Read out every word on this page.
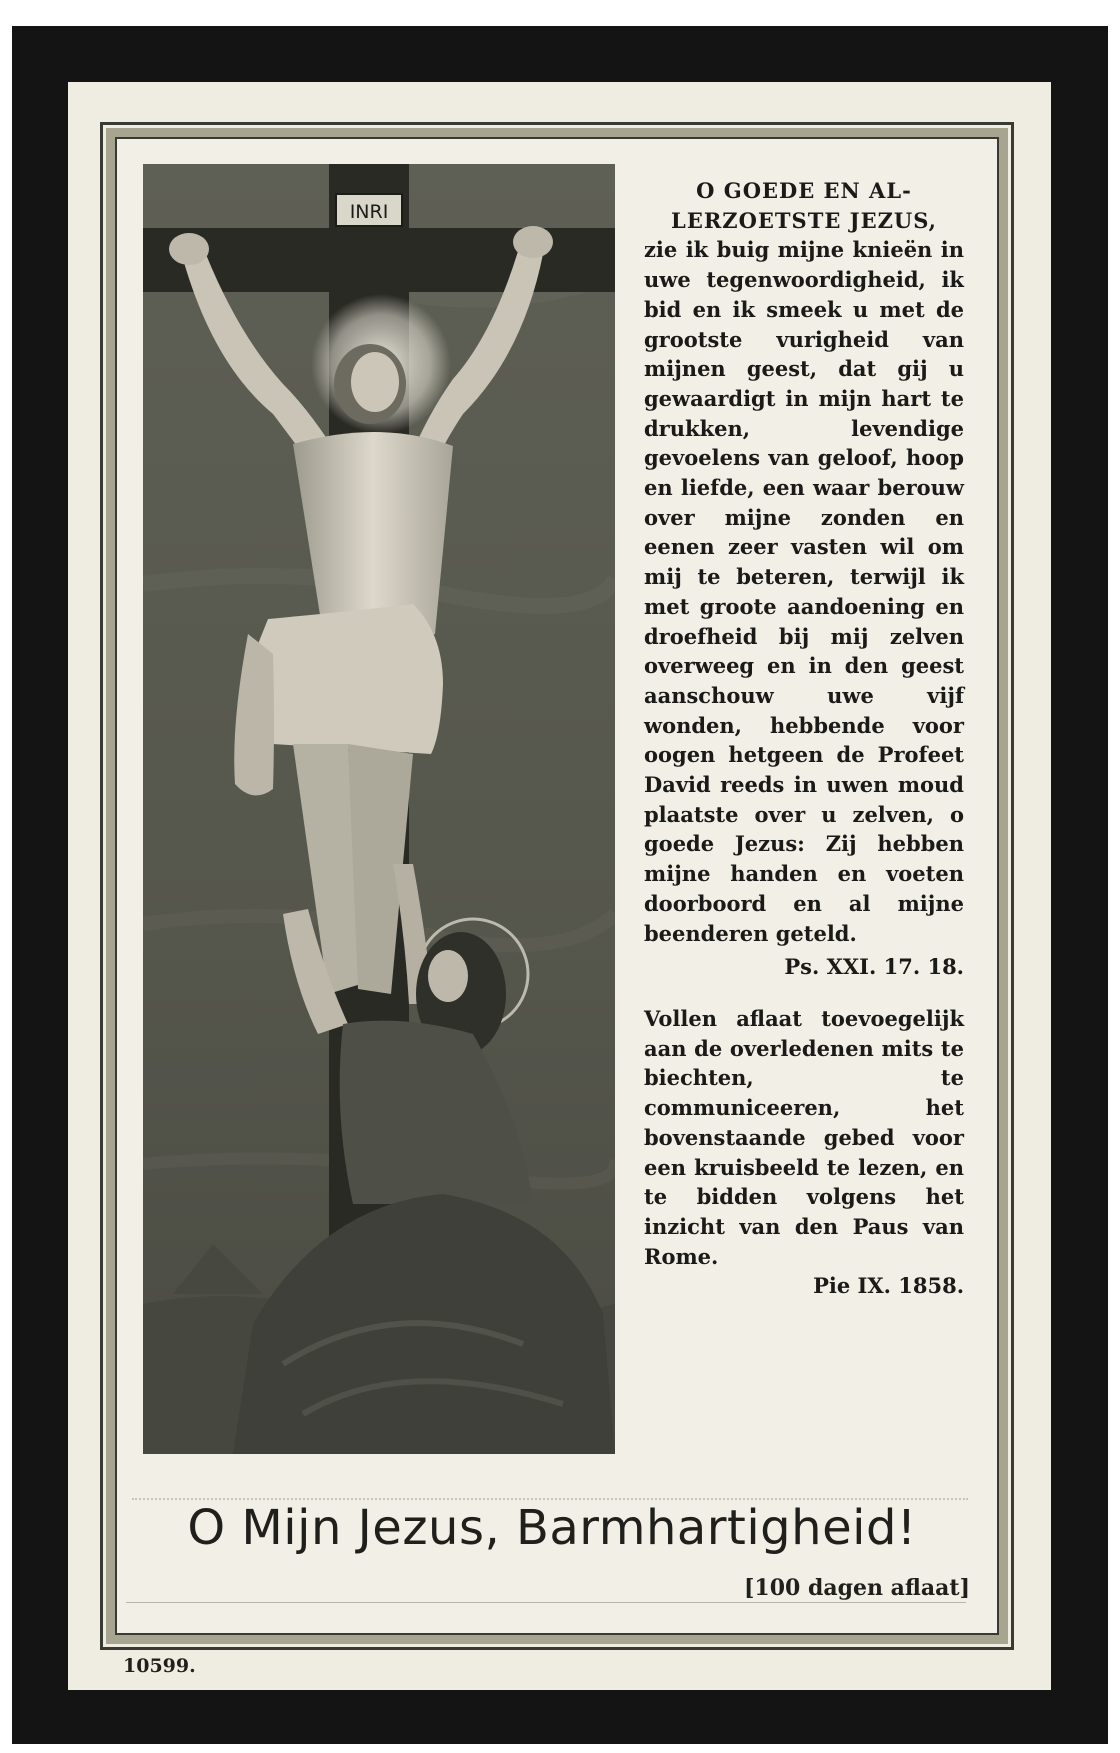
INRI
O GOEDE EN AL-
LERZOETSTE JEZUS,
zie ik buig mijne knieën in uwe tegenwoordigheid, ik bid en ik smeek u met de grootste vurigheid van mijnen geest, dat gij u gewaardigt in mijn hart te drukken, levendige gevoelens van geloof, hoop en liefde, een waar berouw over mijne zonden en eenen zeer vasten wil om mij te beteren, terwijl ik met groote aandoening en droefheid bij mij zelven overweeg en in den geest aanschouw uwe vijf wonden, hebbende voor oogen hetgeen de Profeet David reeds in uwen moud plaatste over u zelven, o goede Jezus: Zij hebben mijne handen en voeten doorboord en al mijne beenderen geteld.
Ps. XXI. 17. 18.
Vollen aflaat toevoegelijk aan de overledenen mits te biechten, te communiceeren, het bovenstaande gebed voor een kruisbeeld te lezen, en te bidden volgens het inzicht van den Paus van Rome.
Pie IX. 1858.
O Mijn Jezus, Barmhartigheid!
[100 dagen aflaat]
10599.
